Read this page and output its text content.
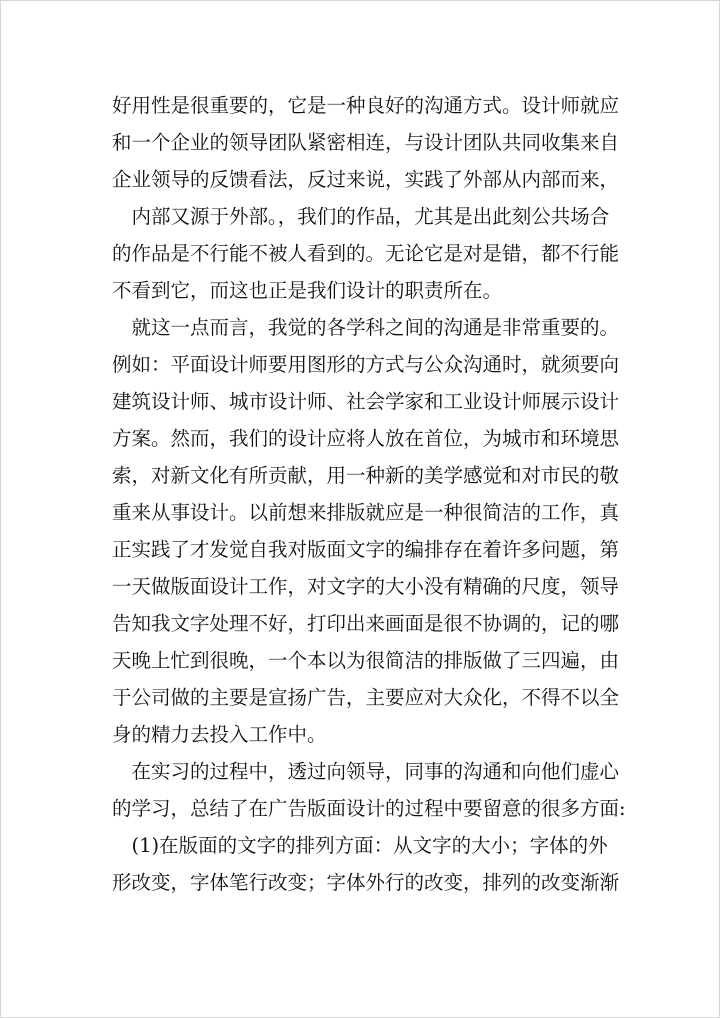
好用性是很重要的，它是一种良好的沟通方式。设计师就应
和一个企业的领导团队紧密相连，与设计团队共同收集来自
企业领导的反馈看法，反过来说，实践了外部从内部而来，
　内部又源于外部。，我们的作品，尤其是出此刻公共场合
的作品是不行能不被人看到的。无论它是对是错，都不行能
不看到它，而这也正是我们设计的职责所在。
　就这一点而言，我觉的各学科之间的沟通是非常重要的。
例如：平面设计师要用图形的方式与公众沟通时，就须要向
建筑设计师、城市设计师、社会学家和工业设计师展示设计
方案。然而，我们的设计应将人放在首位，为城市和环境思
索，对新文化有所贡献，用一种新的美学感觉和对市民的敬
重来从事设计。以前想来排版就应是一种很简洁的工作，真
正实践了才发觉自我对版面文字的编排存在着许多问题，第
一天做版面设计工作，对文字的大小没有精确的尺度，领导
告知我文字处理不好，打印出来画面是很不协调的，记的哪
天晚上忙到很晚，一个本以为很简洁的排版做了三四遍，由
于公司做的主要是宣扬广告，主要应对大众化，不得不以全
身的精力去投入工作中。
　在实习的过程中，透过向领导，同事的沟通和向他们虚心
的学习，总结了在广告版面设计的过程中要留意的很多方面:
　(1)在版面的文字的排列方面：从文字的大小；字体的外
形改变，字体笔行改变；字体外行的改变，排列的改变渐渐
